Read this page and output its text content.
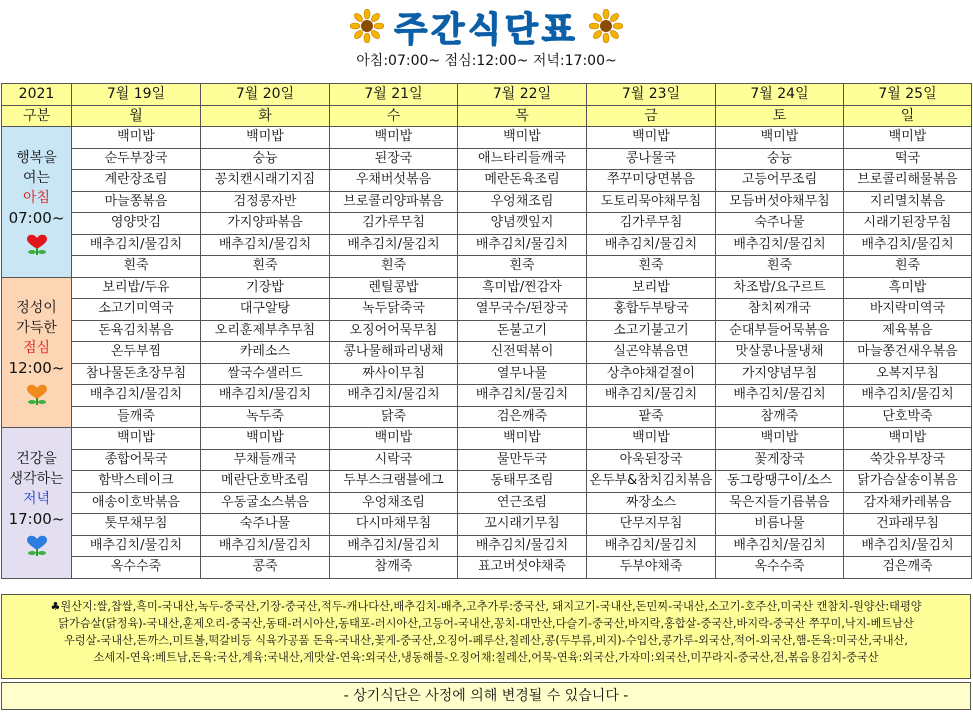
주간식단표
아침:07:00~ 점심:12:00~ 저녁:17:00~
2021	7월 19일	7월 20일	7월 21일	7월 22일	7월 23일	7월 24일	7월 25일
구분	월	화	수	목	금	토	일

행복을
여는
아침
07:00~	백미밥	백미밥	백미밥	백미밥	백미밥	백미밥	백미밥
	순두부장국	숭늉	된장국	애느타리들깨국	콩나물국	숭늉	떡국
	계란장조림	꽁치캔시래기지짐	우채버섯볶음	메란돈육조림	쭈꾸미당면볶음	고등어무조림	브로콜리해물볶음
	마늘쫑볶음	검정콩자반	브로콜리양파볶음	우엉채조림	도토리묵야채무침	모듬버섯야채무침	지리멸치볶음
	영양맛김	가지양파볶음	김가루무침	양념깻잎지	김가루무침	숙주나물	시래기된장무침
	배추김치/물김치	배추김치/물김치	배추김치/물김치	배추김치/물김치	배추김치/물김치	배추김치/물김치	배추김치/물김치
	흰죽	흰죽	흰죽	흰죽	흰죽	흰죽	흰죽

정성이
가득한
점심
12:00~	보리밥/두유	기장밥	렌틸콩밥	흑미밥/찐감자	보리밥	차조밥/요구르트	흑미밥
	소고기미역국	대구알탕	녹두닭죽국	열무국수/된장국	홍합두부탕국	참치찌개국	바지락미역국
	돈육김치볶음	오리훈제부추무침	오징어어묵무침	돈불고기	소고기불고기	순대부들어묵볶음	제육볶음
	온두부찜	카레소스	콩나물해파리냉채	신전떡볶이	실곤약볶음면	맛살콩나물냉채	마늘쫑건새우볶음
	참나물돈초장무침	쌀국수샐러드	짜사이무침	열무나물	상추야채겉절이	가지양념무침	오복지무침
	배추김치/물김치	배추김치/물김치	배추김치/물김치	배추김치/물김치	배추김치/물김치	배추김치/물김치	배추김치/물김치
	들깨죽	녹두죽	닭죽	검은깨죽	팥죽	참깨죽	단호박죽

건강을
생각하는
저녁
17:00~	백미밥	백미밥	백미밥	백미밥	백미밥	백미밥	백미밥
	종합어묵국	무채들깨국	시락국	물만두국	아욱된장국	꽃게장국	쑥갓유부장국
	함박스테이크	메란단호박조림	두부스크램블에그	동태무조림	온두부&참치김치볶음	동그랑땡구이/소스	닭가슴살송이볶음
	애송이호박볶음	우동굴소스볶음	우엉채조림	연근조림	짜장소스	묵은지들기름볶음	감자채카레볶음
	톳무채무침	숙주나물	다시마채무침	꼬시래기무침	단무지무침	비름나물	건파래무침
	배추김치/물김치	배추김치/물김치	배추김치/물김치	배추김치/물김치	배추김치/물김치	배추김치/물김치	배추김치/물김치
	옥수수죽	콩죽	참깨죽	표고버섯야채죽	두부야채죽	옥수수죽	검은깨죽
♣원산지:쌀,찹쌀,흑미-국내산,녹두-중국산,기장-중국산,적두-캐나다산,배추김치-배추,고추가루:중국산, 돼지고기-국내산,돈민찌-국내산,소고기-호주산,미국산 캔참치-원양산:태평양
닭가슴살(닭정육)-국내산,훈제오리-중국산,동태-러시아산,동태포-러시아산,고등어-국내산,꽁치-대만산,다슬기-중국산,바지락,홍합살-중국산,바지락-중국산 쭈꾸미,낙지-베트남산
우렁살-국내산,돈까스,미트볼,떡갈비등 식육가공품 돈육-국내산,꽃게-중국산,오징어-페루산,칠레산,콩(두부류,비지)-수입산,콩가루-외국산,적어-외국산,햄-돈육:미국산,국내산,
소세지-연육:베트남,돈육:국산,계육:국내산,게맛살-연육:외국산,냉동해물-오징어채:칠레산,어묵-연육:외국산,가자미:외국산,미꾸라지-중국산,전,볶음용김치-중국산
- 상기식단은 사정에 의해 변경될 수 있습니다 -
